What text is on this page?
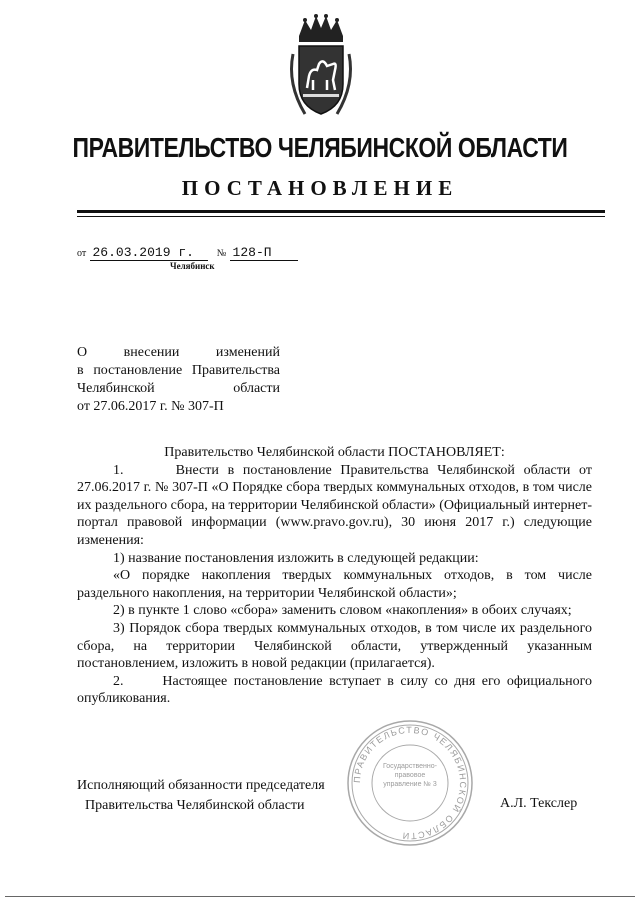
ПРАВИТЕЛЬСТВО ЧЕЛЯБИНСКОЙ ОБЛАСТИ
ПОСТАНОВЛЕНИЕ
от 26.03.2019 г. № 128-П
Челябинск
О внесении изменений
в постановление Правительства
Челябинской области
от 27.06.2017 г. № 307-П

Правительство Челябинской области ПОСТАНОВЛЯЕТ:

1.      Внести в постановление Правительства Челябинской области от 27.06.2017 г. № 307-П «О Порядке сбора твердых коммунальных отходов, в том числе их раздельного сбора, на территории Челябинской области» (Официальный интернет-портал правовой информации (www.pravo.gov.ru), 30 июня 2017 г.) следующие изменения:

1) название постановления изложить в следующей редакции:

«О порядке накопления твердых коммунальных отходов, в том числе раздельного накопления, на территории Челябинской области»;

2) в пункте 1 слово «сбора» заменить словом «накопления» в обоих случаях;

3) Порядок сбора твердых коммунальных отходов, в том числе их раздельного сбора, на территории Челябинской области, утвержденный указанным постановлением, изложить в новой редакции (прилагается).

2.      Настоящее постановление вступает в силу со дня его официального опубликования.

ПРАВИТЕЛЬСТВО ЧЕЛЯБИНСКОЙ ОБЛАСТИ
Государственно-правовое управление № 3
Исполняющий обязанности председателя
Правительства Челябинской области	А.Л. Текслер
